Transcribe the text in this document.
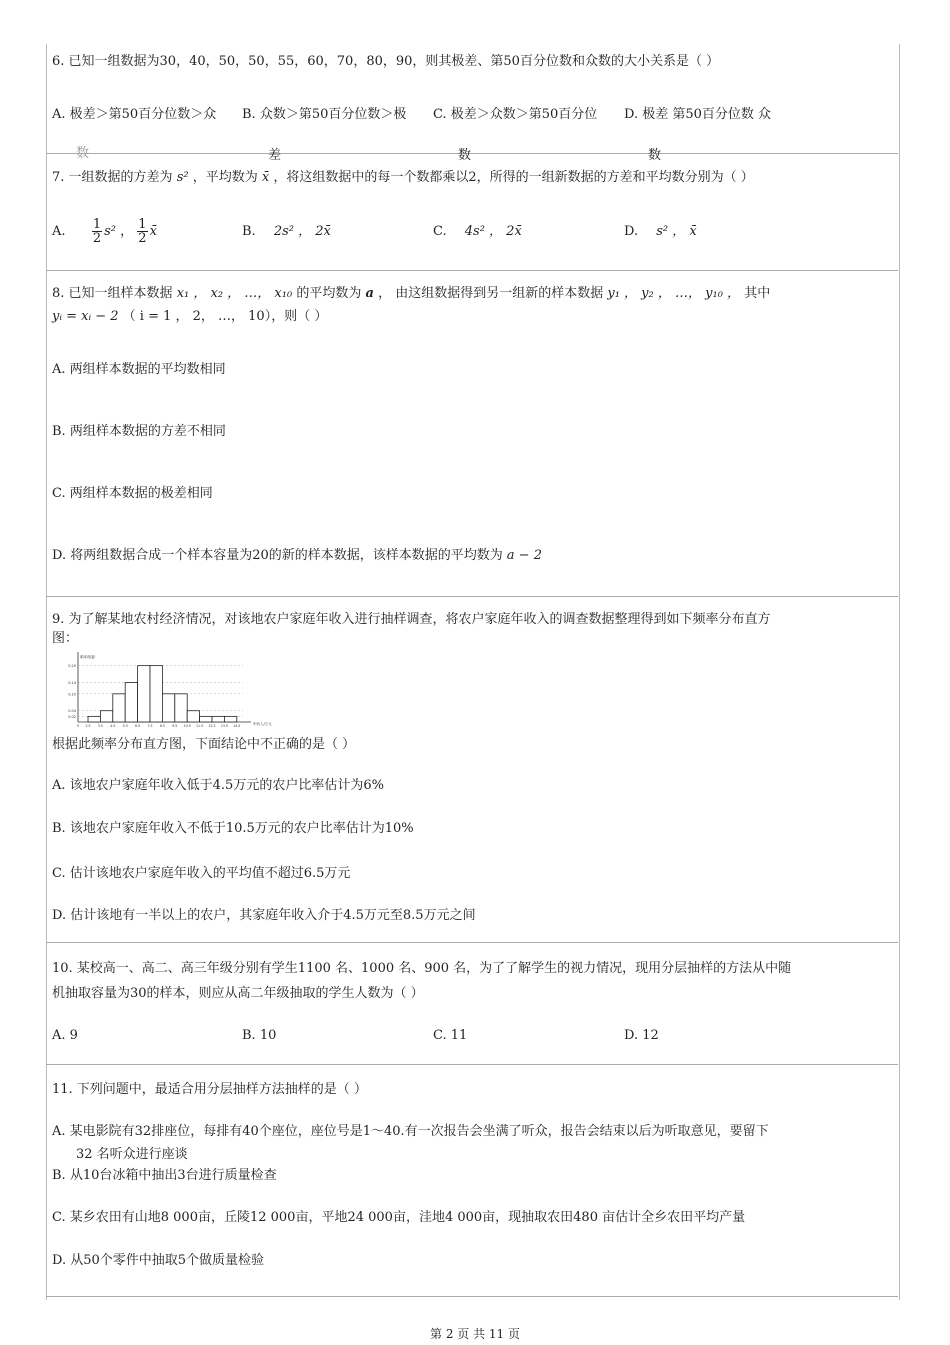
6. 已知一组数据为30，40，50，50，55，60，70，80，90，则其极差、第50百分位数和众数的大小关系是（ ）
A. 极差＞第50百分位数＞众 B. 众数＞第50百分位数＞极 C. 极差＞众数＞第50百分位 D. 极差 第50百分位数 众
数	差	数	数
7. 一组数据的方差为 s² ，平均数为 x̄ ，将这组数据中的每一个数都乘以2，所得的一组新数据的方差和平均数分别为（ ）
A. $\frac{1}{2} s^2$ ， $\frac{1}{2}$ x̄	B. 2s² ， 2x̄	C. 4s² ， 2x̄	D. s² ， x̄
8. 已知一组样本数据 x₁ ， x₂ ， …， x₁₀ 的平均数为 a ， 由这组数据得到另一组新的样本数据 y₁ ， y₂ ， …， y₁₀ ， 其中
yᵢ = xᵢ − 2 （ i = 1 ， 2， …， 10），则（ ）
A. 两组样本数据的平均数相同
B. 两组样本数据的方差不相同
C. 两组样本数据的极差相同
D. 将两组数据合成一个样本容量为20的新的样本数据，该样本数据的平均数为 a − 2
9. 为了解某地农村经济情况，对该地农户家庭年收入进行抽样调查，将农户家庭年收入的调查数据整理得到如下频率分布直方
图：
0.02
0.04
0.10
0.14
0.20
0 2.5 3.5 4.5 5.5 6.5 7.5 8.5 9.5 10.5 11.5 12.5 13.5 14.5
频率/组距
年收入/万元
根据此频率分布直方图，下面结论中不正确的是（ ）
A. 该地农户家庭年收入低于4.5万元的农户比率估计为6%
B. 该地农户家庭年收入不低于10.5万元的农户比率估计为10%
C. 估计该地农户家庭年收入的平均值不超过6.5万元
D. 估计该地有一半以上的农户，其家庭年收入介于4.5万元至8.5万元之间
10. 某校高一、高二、高三年级分别有学生1100 名、1000 名、900 名，为了了解学生的视力情况，现用分层抽样的方法从中随
机抽取容量为30的样本，则应从高二年级抽取的学生人数为（ ）
A. 9	B. 10	C. 11	D. 12
11. 下列问题中，最适合用分层抽样方法抽样的是（ ）
A. 某电影院有32排座位，每排有40个座位，座位号是1～40.有一次报告会坐满了听众，报告会结束以后为听取意见，要留下
32 名听众进行座谈
B. 从10台冰箱中抽出3台进行质量检查
C. 某乡农田有山地8 000亩，丘陵12 000亩，平地24 000亩，洼地4 000亩，现抽取农田480 亩估计全乡农田平均产量
D. 从50个零件中抽取5个做质量检验
第 2 页 共 11 页
